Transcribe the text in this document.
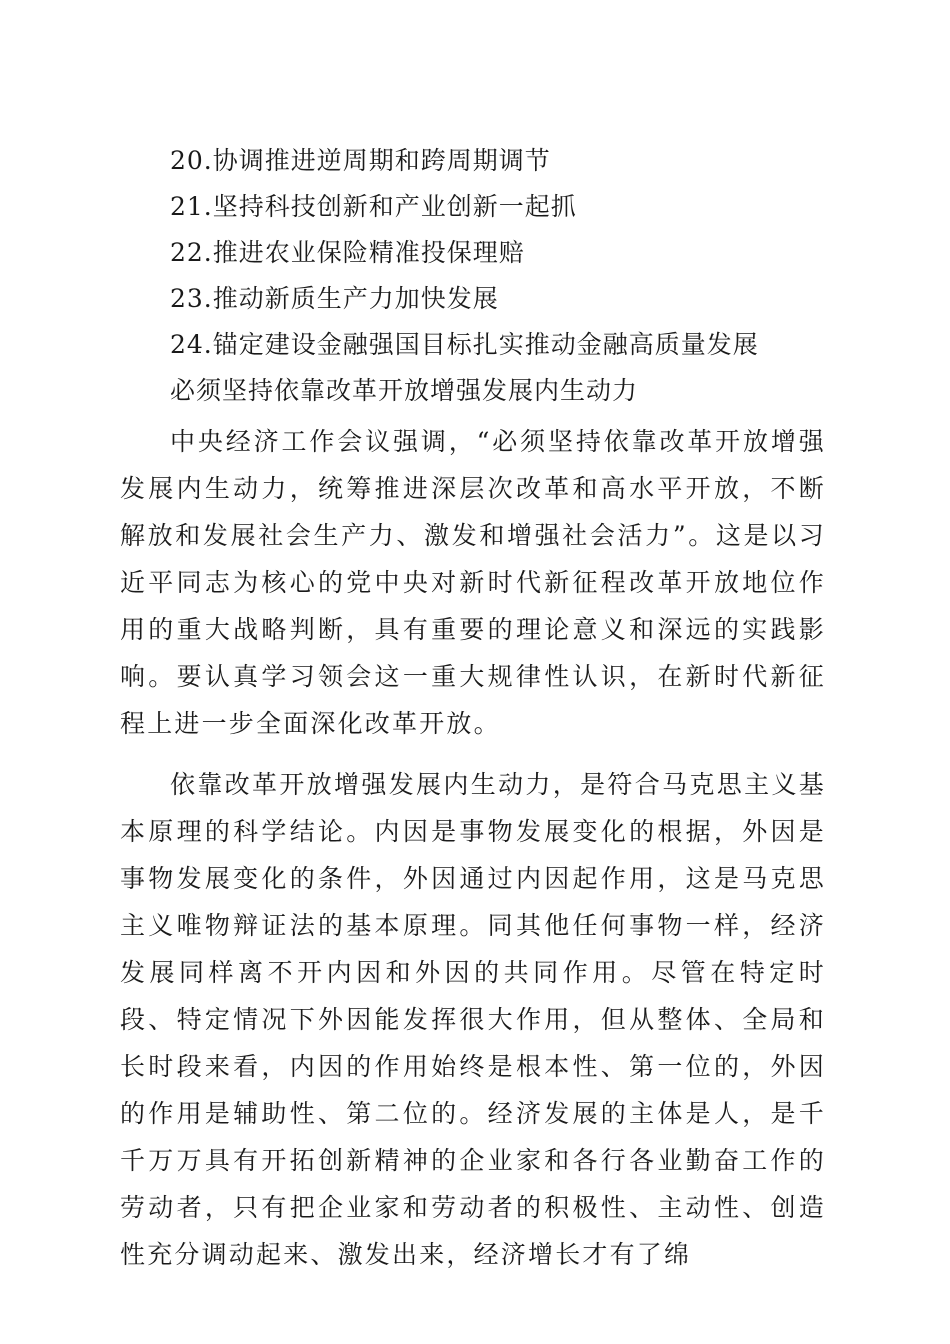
20.协调推进逆周期和跨周期调节
21.坚持科技创新和产业创新一起抓
22.推进农业保险精准投保理赔
23.推动新质生产力加快发展
24.锚定建设金融强国目标扎实推动金融高质量发展
必须坚持依靠改革开放增强发展内生动力

中央经济工作会议强调，“必须坚持依靠改革开放增强发展内生动力，统筹推进深层次改革和高水平开放，不断解放和发展社会生产力、激发和增强社会活力”。这是以习近平同志为核心的党中央对新时代新征程改革开放地位作用的重大战略判断，具有重要的理论意义和深远的实践影响。要认真学习领会这一重大规律性认识，在新时代新征程上进一步全面深化改革开放。

依靠改革开放增强发展内生动力，是符合马克思主义基本原理的科学结论。内因是事物发展变化的根据，外因是事物发展变化的条件，外因通过内因起作用，这是马克思主义唯物辩证法的基本原理。同其他任何事物一样，经济发展同样离不开内因和外因的共同作用。尽管在特定时段、特定情况下外因能发挥很大作用，但从整体、全局和长时段来看，内因的作用始终是根本性、第一位的，外因的作用是辅助性、第二位的。经济发展的主体是人，是千千万万具有开拓创新精神的企业家和各行各业勤奋工作的劳动者，只有把企业家和劳动者的积极性、主动性、创造性充分调动起来、激发出来，经济增长才有了绵
